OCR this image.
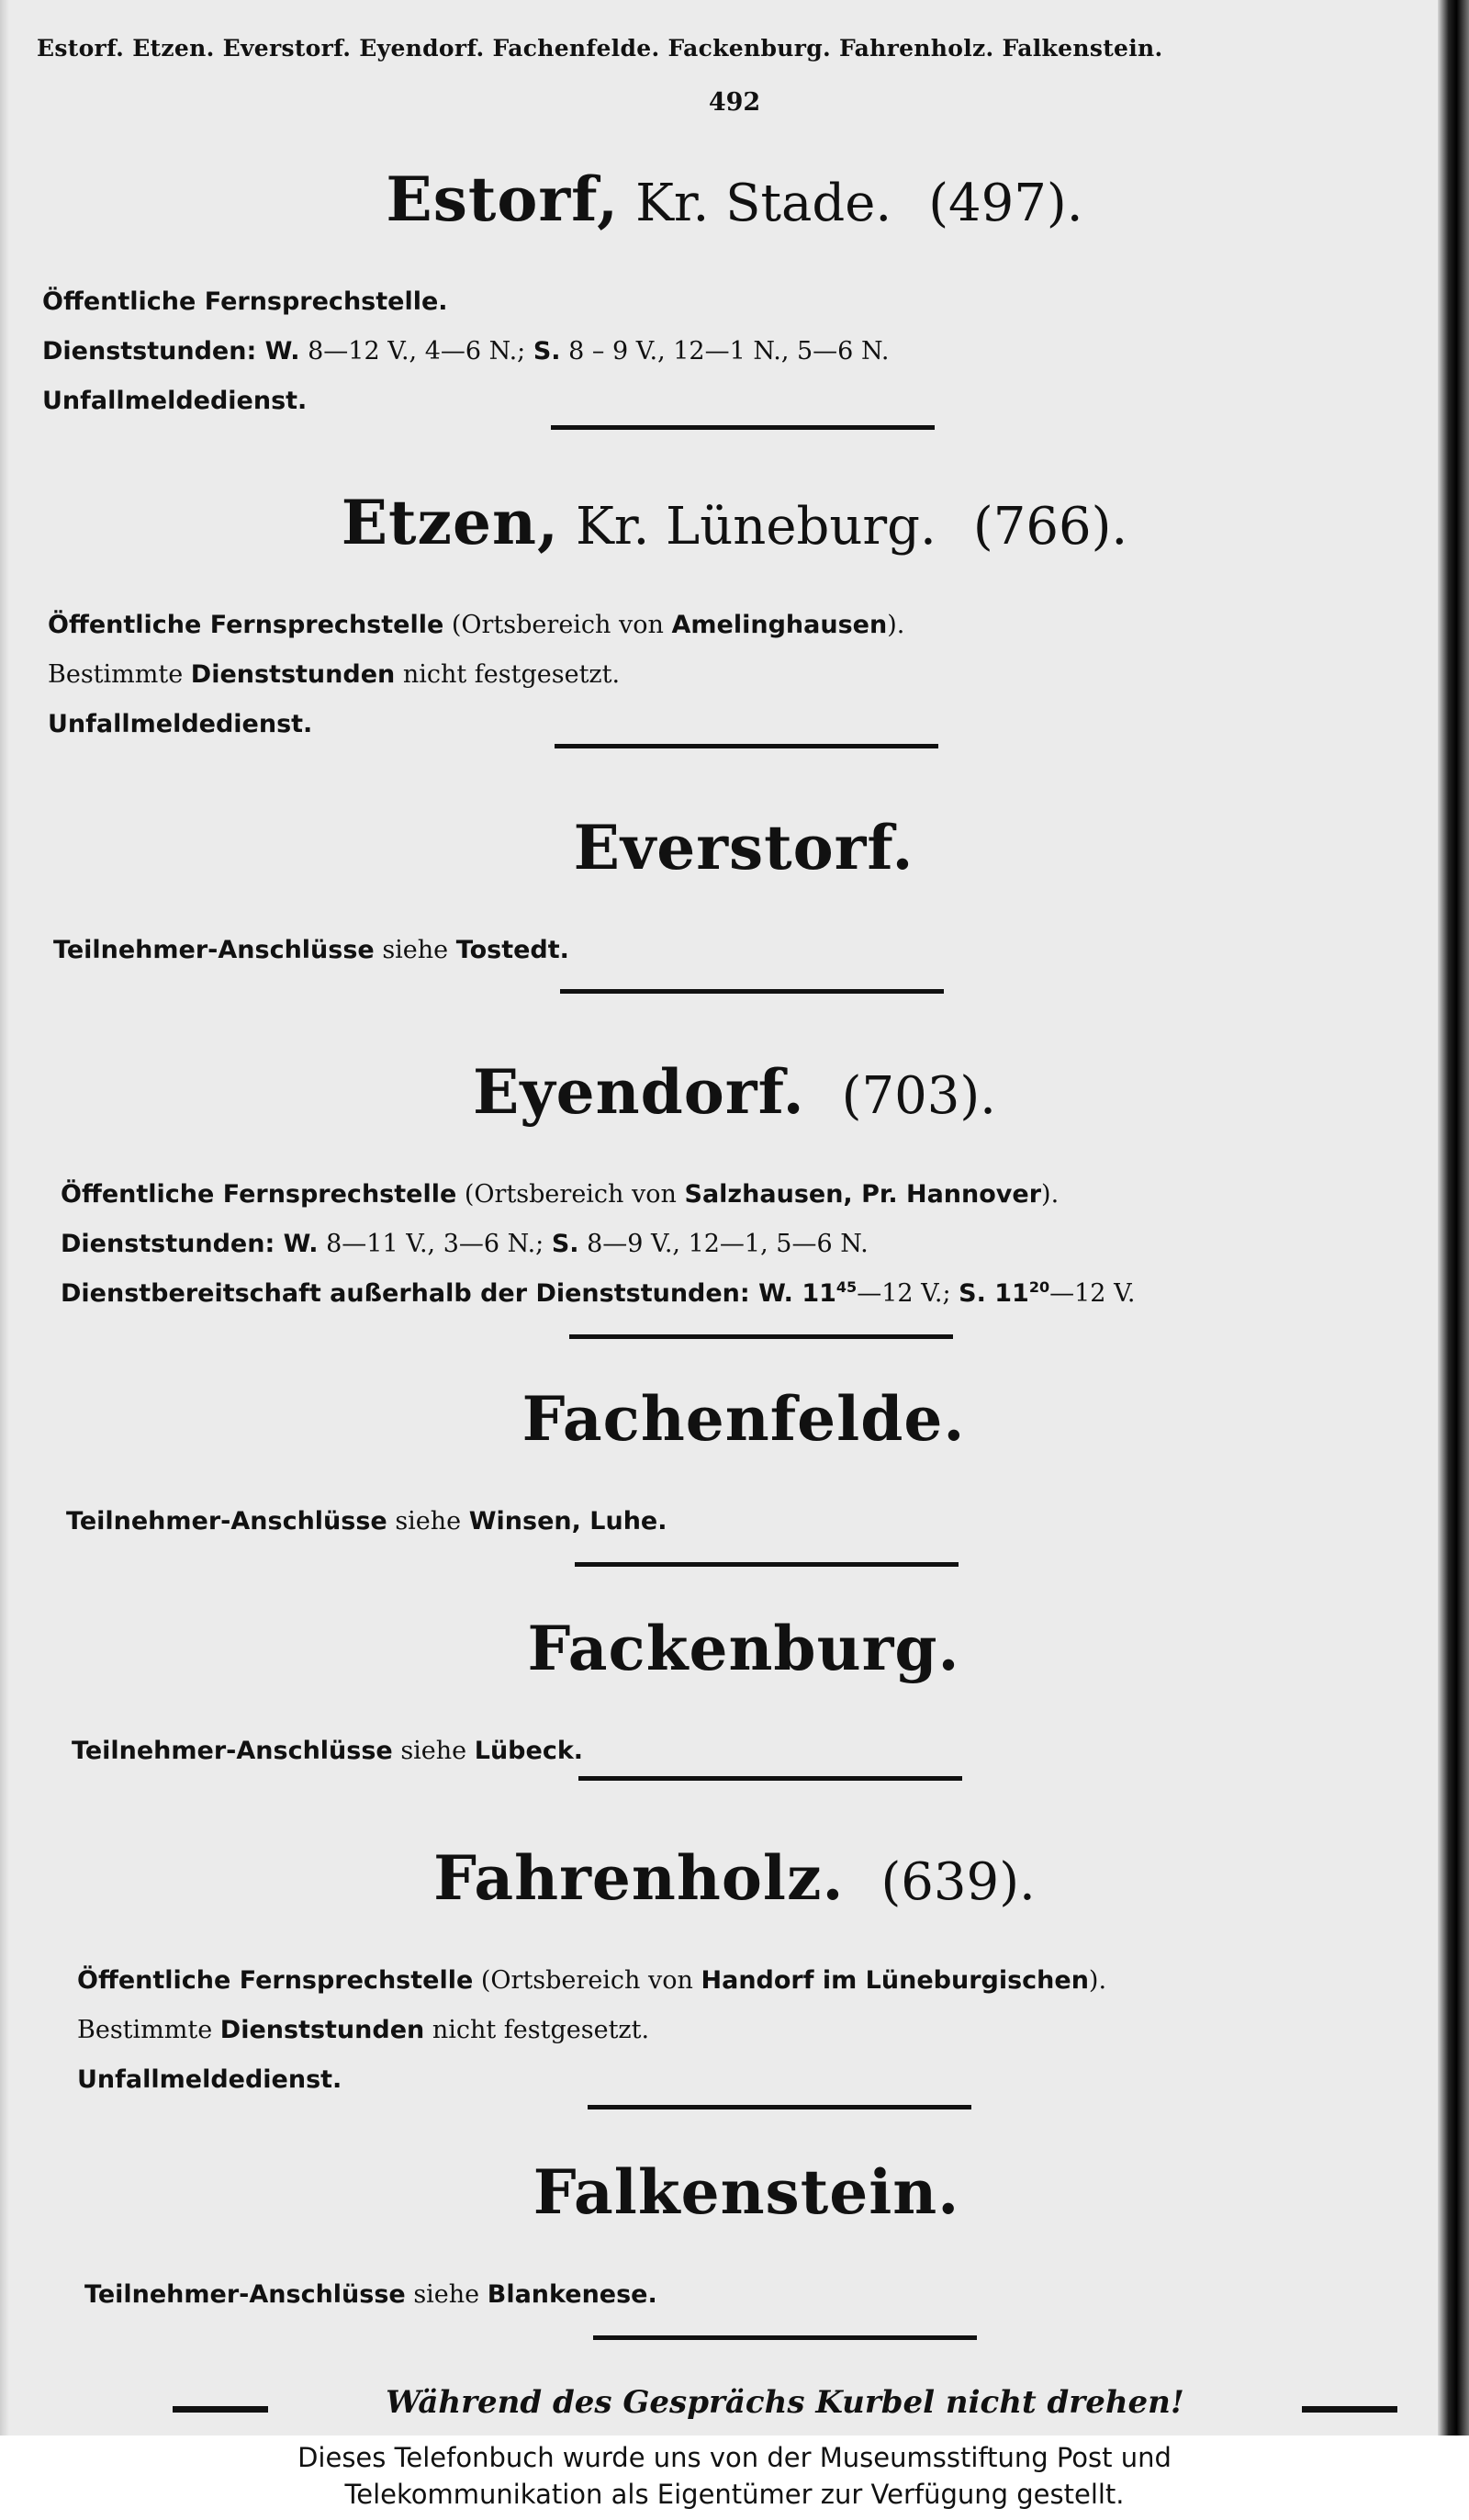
Estorf. Etzen. Everstorf. Eyendorf. Fachenfelde. Fackenburg. Fahrenholz. Falkenstein.
492
Estorf, Kr. Stade. (497).
Öffentliche Fernsprechstelle.
Dienststunden: W. 8—12 V., 4—6 N.; S. 8 – 9 V., 12—1 N., 5—6 N.
Unfallmeldedienst.
Etzen, Kr. Lüneburg. (766).
Öffentliche Fernsprechstelle (Ortsbereich von Amelinghausen).
Bestimmte Dienststunden nicht festgesetzt.
Unfallmeldedienst.
Everstorf.
Teilnehmer-Anschlüsse siehe Tostedt.
Eyendorf. (703).
Öffentliche Fernsprechstelle (Ortsbereich von Salzhausen, Pr. Hannover).
Dienststunden: W. 8—11 V., 3—6 N.; S. 8—9 V., 12—1, 5—6 N.
Dienstbereitschaft außerhalb der Dienststunden: W. $11^{45}—12$ V.; S. $11^{20}—12$ V.
Fachenfelde.
Teilnehmer-Anschlüsse siehe Winsen, Luhe.
Fackenburg.
Teilnehmer-Anschlüsse siehe Lübeck.
Fahrenholz. (639).
Öffentliche Fernsprechstelle (Ortsbereich von Handorf im Lüneburgischen).
Bestimmte Dienststunden nicht festgesetzt.
Unfallmeldedienst.
Falkenstein.
Teilnehmer-Anschlüsse siehe Blankenese.
Während des Gesprächs Kurbel nicht drehen!
Dieses Telefonbuch wurde uns von der Museumsstiftung Post und
Telekommunikation als Eigentümer zur Verfügung gestellt.
